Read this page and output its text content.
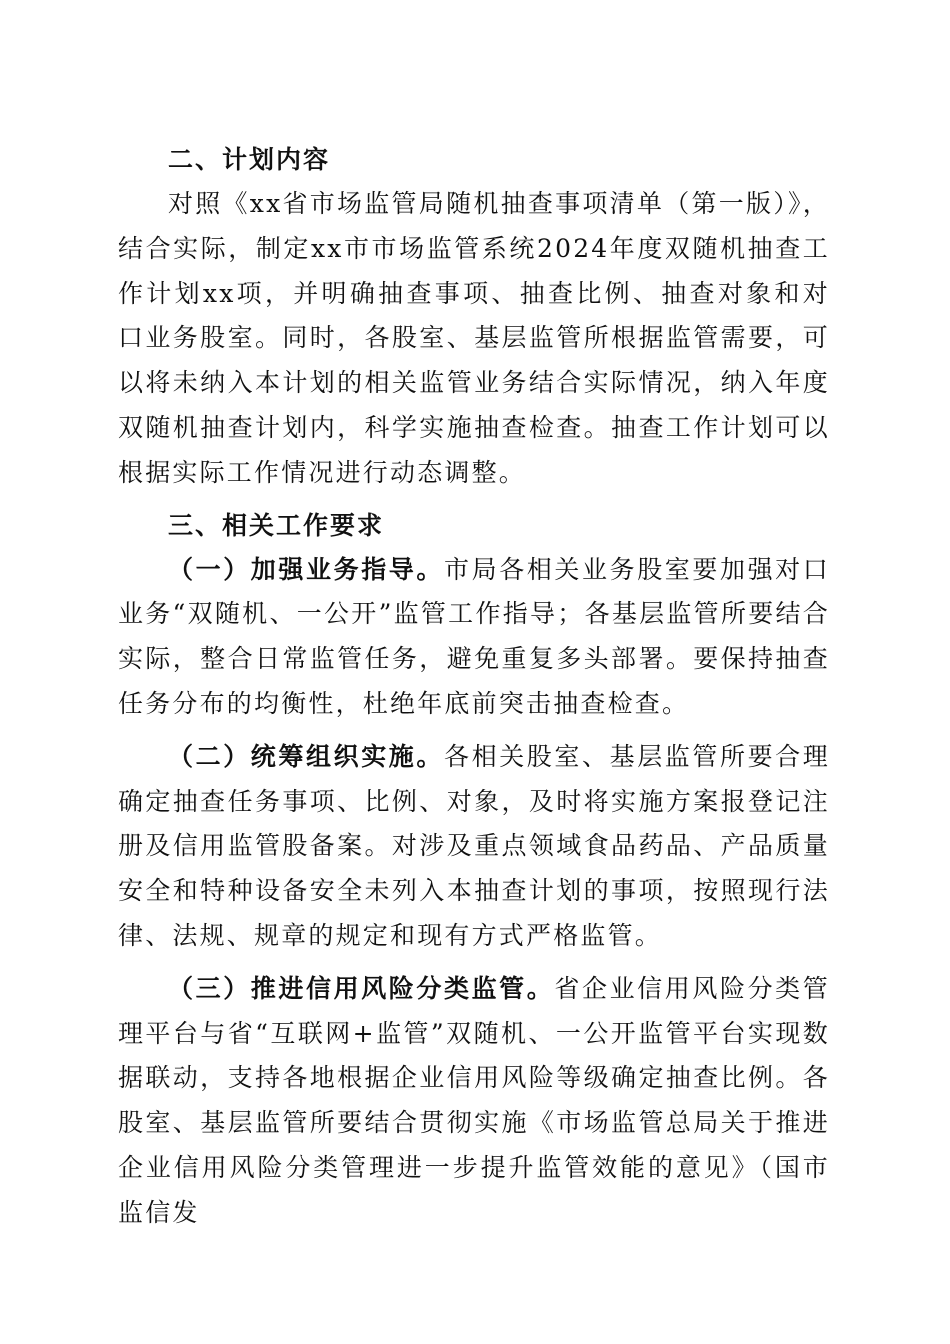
二、计划内容

对照《xx省市场监管局随机抽查事项清单（第一版）》，结合实际，制定xx市市场监管系统2024年度双随机抽查工作计划xx项，并明确抽查事项、抽查比例、抽查对象和对口业务股室。同时，各股室、基层监管所根据监管需要，可以将未纳入本计划的相关监管业务结合实际情况，纳入年度双随机抽查计划内，科学实施抽查检查。抽查工作计划可以根据实际工作情况进行动态调整。

三、相关工作要求

（一）加强业务指导。市局各相关业务股室要加强对口业务“双随机、一公开”监管工作指导；各基层监管所要结合实际，整合日常监管任务，避免重复多头部署。要保持抽查任务分布的均衡性，杜绝年底前突击抽查检查。

（二）统筹组织实施。各相关股室、基层监管所要合理确定抽查任务事项、比例、对象，及时将实施方案报登记注册及信用监管股备案。对涉及重点领域食品药品、产品质量安全和特种设备安全未列入本抽查计划的事项，按照现行法律、法规、规章的规定和现有方式严格监管。

（三）推进信用风险分类监管。省企业信用风险分类管理平台与省“互联网+监管”双随机、一公开监管平台实现数据联动，支持各地根据企业信用风险等级确定抽查比例。各股室、基层监管所要结合贯彻实施《市场监管总局关于推进企业信用风险分类管理进一步提升监管效能的意见》（国市监信发
